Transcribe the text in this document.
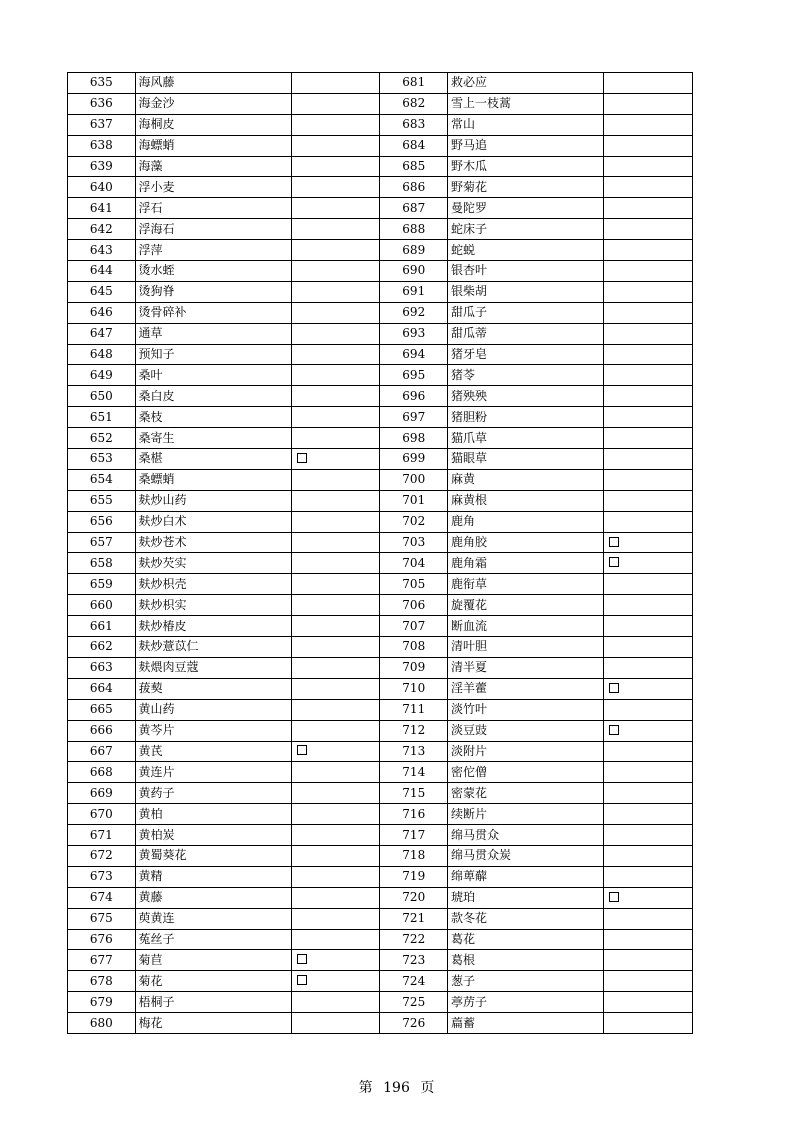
635	海风藤		681	救必应	
636	海金沙		682	雪上一枝蒿	
637	海桐皮		683	常山	
638	海螵蛸		684	野马追	
639	海藻		685	野木瓜	
640	浮小麦		686	野菊花	
641	浮石		687	曼陀罗	
642	浮海石		688	蛇床子	
643	浮萍		689	蛇蜕	
644	烫水蛭		690	银杏叶	
645	烫狗脊		691	银柴胡	
646	烫骨碎补		692	甜瓜子	
647	通草		693	甜瓜蒂	
648	预知子		694	猪牙皂	
649	桑叶		695	猪苓	
650	桑白皮		696	猪殃殃	
651	桑枝		697	猪胆粉	
652	桑寄生		698	猫爪草	
653	桑椹		699	猫眼草	
654	桑螵蛸		700	麻黄	
655	麸炒山药		701	麻黄根	
656	麸炒白术		702	鹿角	
657	麸炒苍术		703	鹿角胶	
658	麸炒芡实		704	鹿角霜	
659	麸炒枳壳		705	鹿衔草	
660	麸炒枳实		706	旋覆花	
661	麸炒椿皮		707	断血流	
662	麸炒薏苡仁		708	清叶胆	
663	麸煨肉豆蔻		709	清半夏	
664	菝葜		710	淫羊藿	
665	黄山药		711	淡竹叶	
666	黄芩片		712	淡豆豉	
667	黄芪		713	淡附片	
668	黄连片		714	密佗僧	
669	黄药子		715	密蒙花	
670	黄柏		716	续断片	
671	黄柏炭		717	绵马贯众	
672	黄蜀葵花		718	绵马贯众炭	
673	黄精		719	绵萆薢	
674	黄藤		720	琥珀	
675	萸黄连		721	款冬花	
676	菟丝子		722	葛花	
677	菊苣		723	葛根	
678	菊花		724	葱子	
679	梧桐子		725	葶苈子	
680	梅花		726	萹蓄	
第 196 页
